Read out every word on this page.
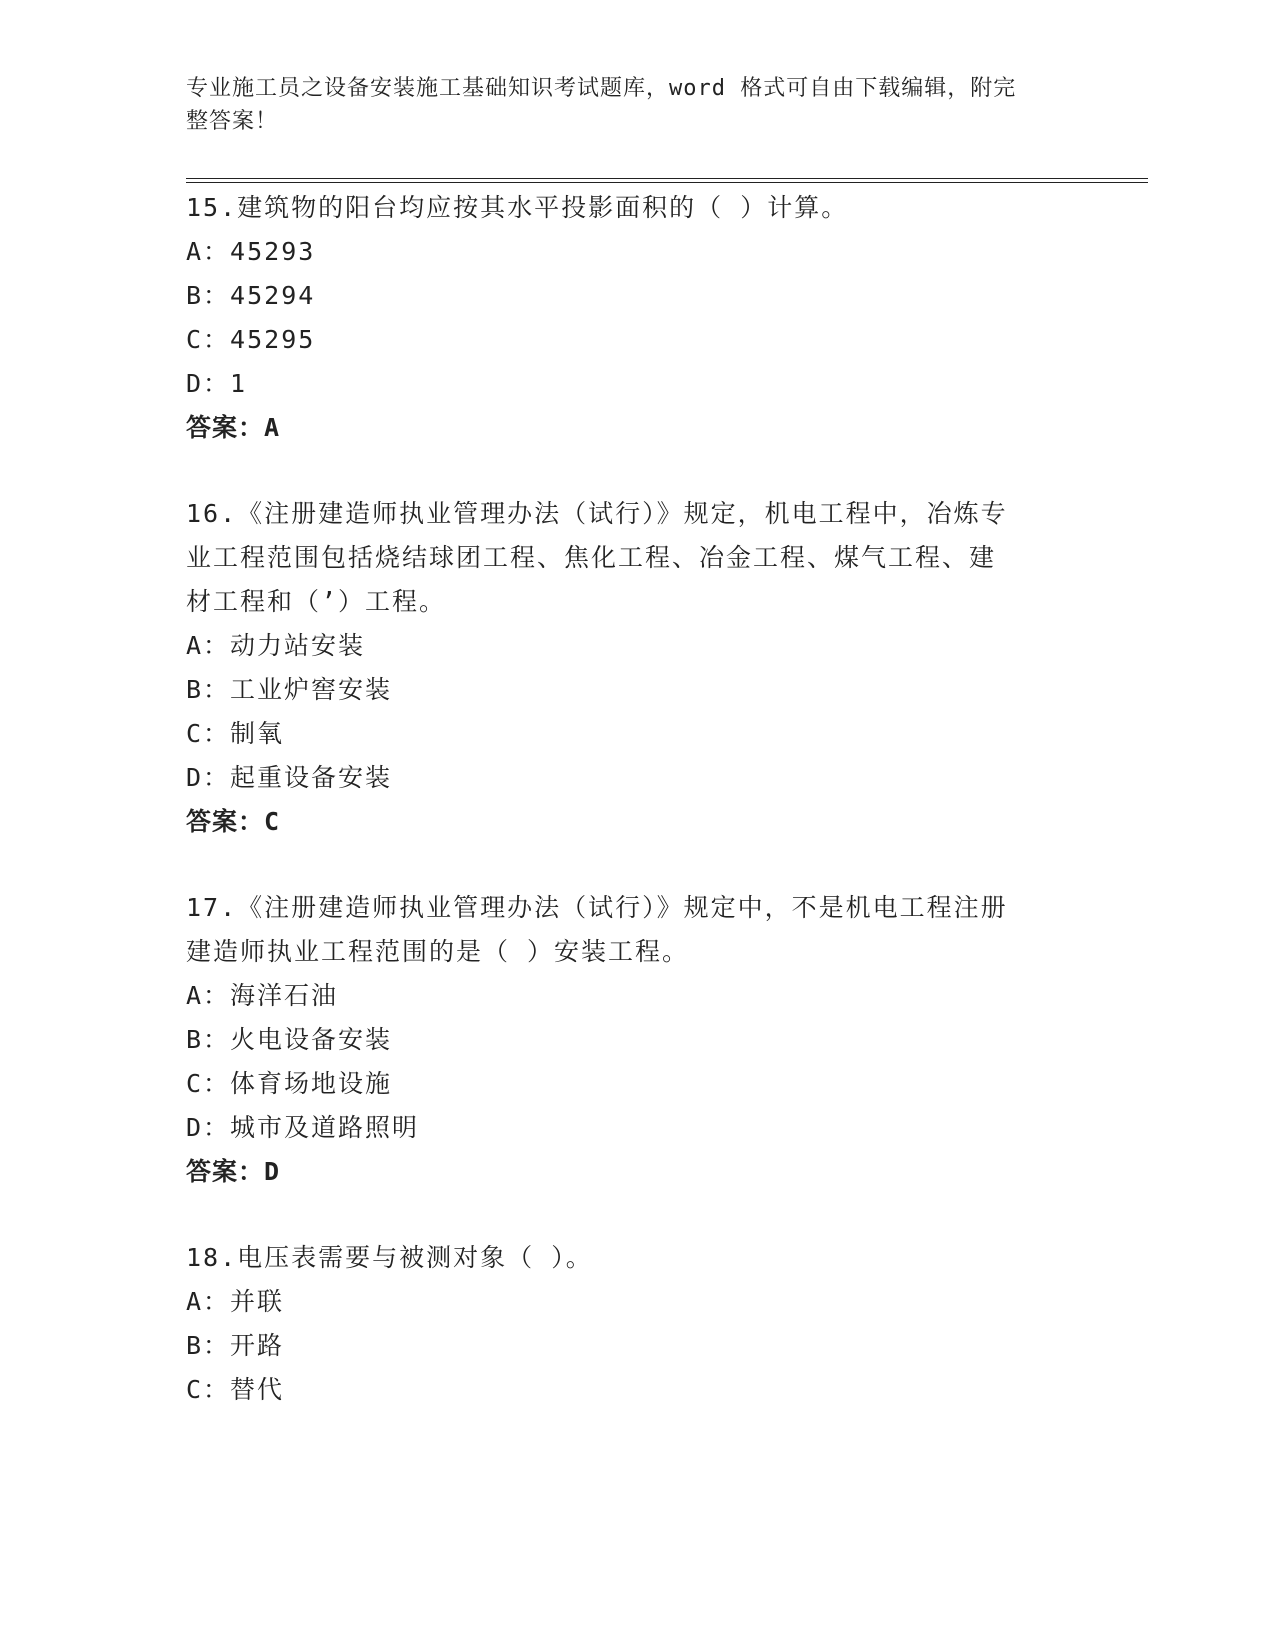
专业施工员之设备安装施工基础知识考试题库，word 格式可自由下载编辑，附完
整答案！
15.建筑物的阳台均应按其水平投影面积的（ ）计算。
A：45293
B：45294
C：45295
D：1
答案：A
16.《注册建造师执业管理办法（试行）》规定，机电工程中，冶炼专
业工程范围包括烧结球团工程、焦化工程、冶金工程、煤气工程、建
材工程和（’）工程。
A：动力站安装
B：工业炉窖安装
C：制氧
D：起重设备安装
答案：C
17.《注册建造师执业管理办法（试行）》规定中，不是机电工程注册
建造师执业工程范围的是（ ）安装工程。
A：海洋石油
B：火电设备安装
C：体育场地设施
D：城市及道路照明
答案：D
18.电压表需要与被测对象（ ）。
A：并联
B：开路
C：替代
